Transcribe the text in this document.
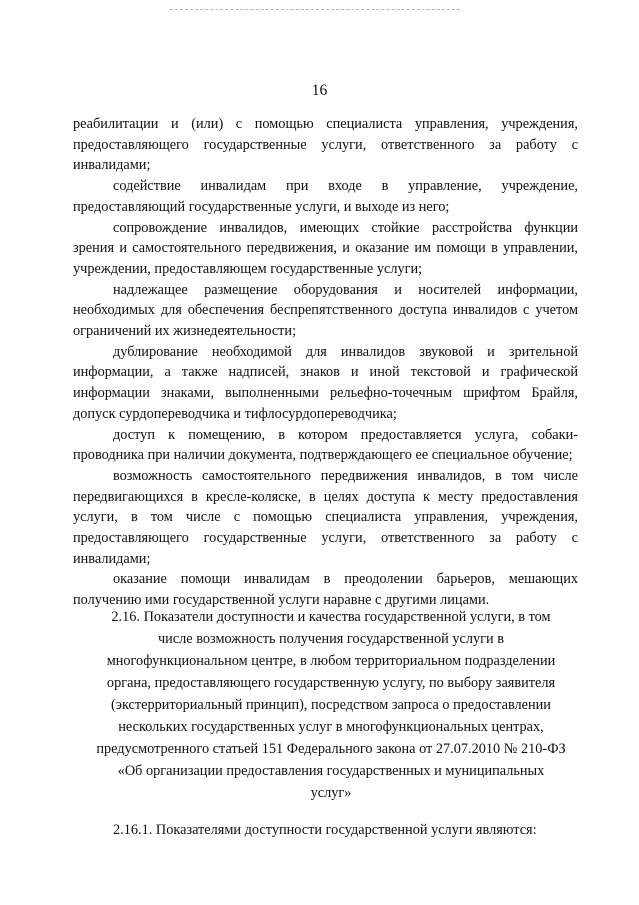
16

реабилитации и (или) с помощью специалиста управления, учреждения, предоставляющего государственные услуги, ответственного за работу с инвалидами;

содействие инвалидам при входе в управление, учреждение, предоставляющий государственные услуги, и выходе из него;

сопровождение инвалидов, имеющих стойкие расстройства функции зрения и самостоятельного передвижения, и оказание им помощи в управлении, учреждении, предоставляющем государственные услуги;

надлежащее размещение оборудования и носителей информации, необходимых для обеспечения беспрепятственного доступа инвалидов с учетом ограничений их жизнедеятельности;

дублирование необходимой для инвалидов звуковой и зрительной информации, а также надписей, знаков и иной текстовой и графической информации знаками, выполненными рельефно-точечным шрифтом Брайля, допуск сурдопереводчика и тифлосурдопереводчика;

доступ к помещению, в котором предоставляется услуга, собаки-проводника при наличии документа, подтверждающего ее специальное обучение;

возможность самостоятельного передвижения инвалидов, в том числе передвигающихся в кресле-коляске, в целях доступа к месту предоставления услуги, в том числе с помощью специалиста управления, учреждения, предоставляющего государственные услуги, ответственного за работу с инвалидами;

оказание помощи инвалидам в преодолении барьеров, мешающих получению ими государственной услуги наравне с другими лицами.

2.16. Показатели доступности и качества государственной услуги, в том числе возможность получения государственной услуги в многофункциональном центре, в любом территориальном подразделении органа, предоставляющего государственную услугу, по выбору заявителя (экстерриториальный принцип), посредством запроса о предоставлении нескольких государственных услуг в многофункциональных центрах, предусмотренного статьей 151 Федерального закона от 27.07.2010 № 210-ФЗ «Об организации предоставления государственных и муниципальных услуг»
2.16.1. Показателями доступности государственной услуги являются:
